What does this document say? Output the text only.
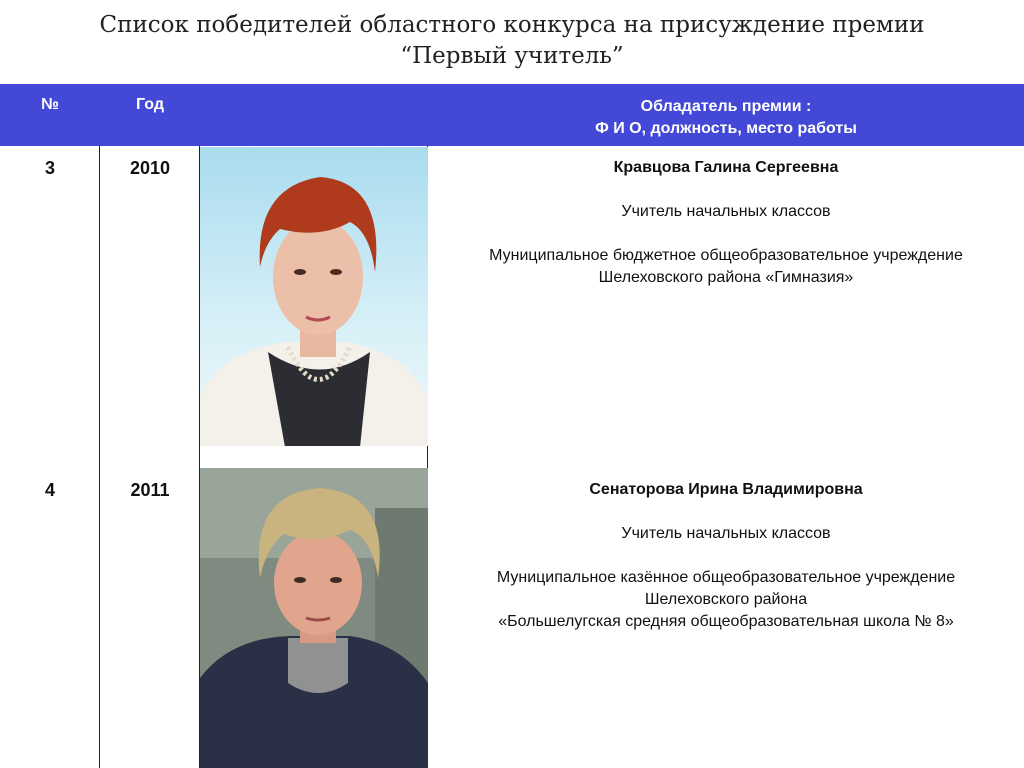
Список победителей областного конкурса на присуждение премии
“Первый учитель”
№	Год	Обладатель премии :
Ф И О, должность, место работы
3	2010	Кравцова Галина Сергеевна

Учитель начальных классов

Муниципальное бюджетное общеобразовательное учреждение

Шелеховского района «Гимназия»

4	2011	Сенаторова Ирина Владимировна

Учитель начальных классов

Муниципальное казённое общеобразовательное учреждение

Шелеховского района

«Большелугская средняя общеобразовательная школа № 8»
